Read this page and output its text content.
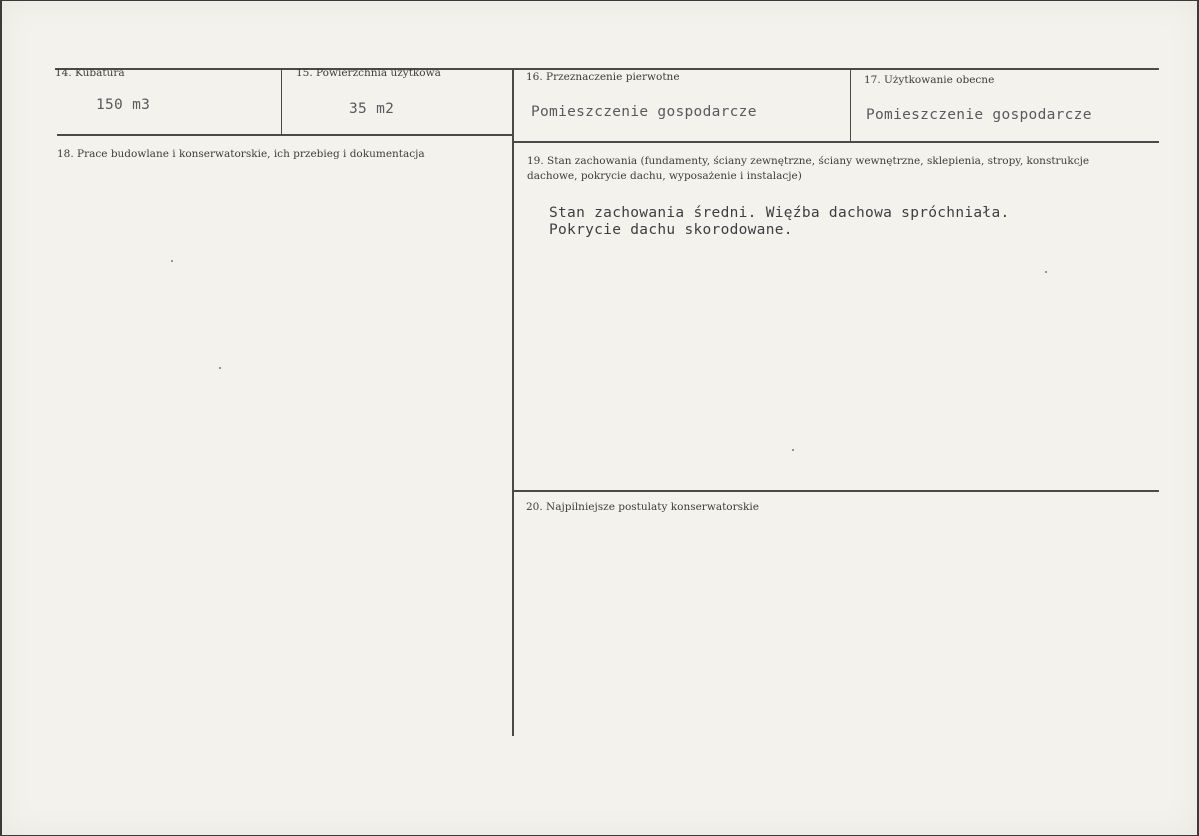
14. Kubatura
150 m3
15. Powierzchnia użytkowa
35 m2
16. Przeznaczenie pierwotne
Pomieszczenie gospodarcze
17. Użytkowanie obecne
Pomieszczenie gospodarcze
18. Prace budowlane i konserwatorskie, ich przebieg i dokumentacja
19. Stan zachowania (fundamenty, ściany zewnętrzne, ściany wewnętrzne, sklepienia, stropy, konstrukcje
dachowe, pokrycie dachu, wyposażenie i instalacje)
Stan zachowania średni. Więźba dachowa spróchniała.
Pokrycie dachu skorodowane.
20. Najpilniejsze postulaty konserwatorskie
